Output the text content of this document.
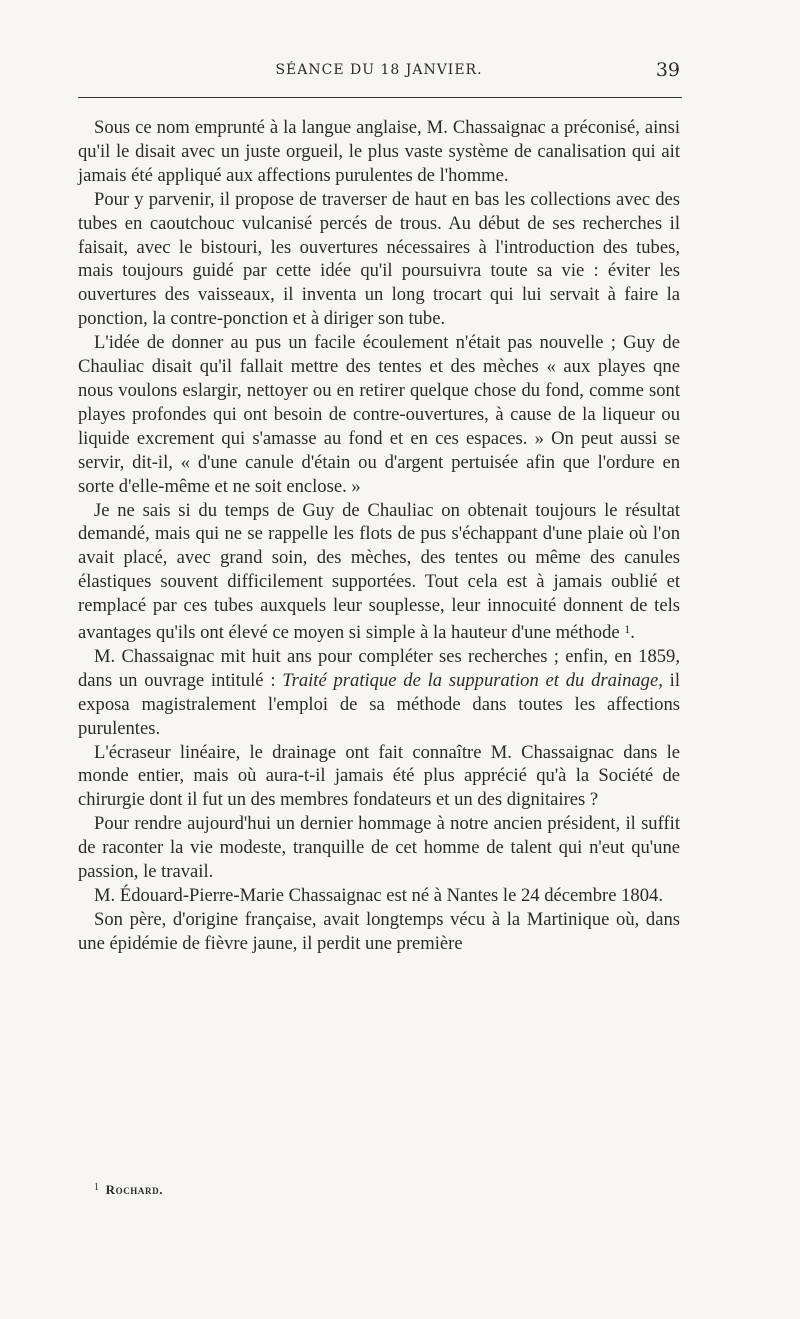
SÉANCE DU 18 JANVIER.	39

Sous ce nom emprunté à la langue anglaise, M. Chassaignac a préconisé, ainsi qu'il le disait avec un juste orgueil, le plus vaste système de canalisation qui ait jamais été appliqué aux affections purulentes de l'homme.

Pour y parvenir, il propose de traverser de haut en bas les collections avec des tubes en caoutchouc vulcanisé percés de trous. Au début de ses recherches il faisait, avec le bistouri, les ouvertures nécessaires à l'introduction des tubes, mais toujours guidé par cette idée qu'il poursuivra toute sa vie : éviter les ouvertures des vaisseaux, il inventa un long trocart qui lui servait à faire la ponction, la contre-ponction et à diriger son tube.

L'idée de donner au pus un facile écoulement n'était pas nouvelle ; Guy de Chauliac disait qu'il fallait mettre des tentes et des mèches « aux playes qne nous voulons eslargir, nettoyer ou en retirer quelque chose du fond, comme sont playes profondes qui ont besoin de contre-ouvertures, à cause de la liqueur ou liquide excrement qui s'amasse au fond et en ces espaces. » On peut aussi se servir, dit-il, « d'une canule d'étain ou d'argent pertuisée afin que l'ordure en sorte d'elle-même et ne soit enclose. »

Je ne sais si du temps de Guy de Chauliac on obtenait toujours le résultat demandé, mais qui ne se rappelle les flots de pus s'échappant d'une plaie où l'on avait placé, avec grand soin, des mèches, des tentes ou même des canules élastiques souvent difficilement supportées. Tout cela est à jamais oublié et remplacé par ces tubes auxquels leur souplesse, leur innocuité donnent de tels avantages qu'ils ont élevé ce moyen si simple à la hauteur d'une méthode $^1$.

M. Chassaignac mit huit ans pour compléter ses recherches ; enfin, en 1859, dans un ouvrage intitulé : Traité pratique de la suppuration et du drainage, il exposa magistralement l'emploi de sa méthode dans toutes les affections purulentes.

L'écraseur linéaire, le drainage ont fait connaître M. Chassaignac dans le monde entier, mais où aura-t-il jamais été plus apprécié qu'à la Société de chirurgie dont il fut un des membres fondateurs et un des dignitaires ?

Pour rendre aujourd'hui un dernier hommage à notre ancien président, il suffit de raconter la vie modeste, tranquille de cet homme de talent qui n'eut qu'une passion, le travail.

M. Édouard-Pierre-Marie Chassaignac est né à Nantes le 24 décembre 1804.

Son père, d'origine française, avait longtemps vécu à la Martinique où, dans une épidémie de fièvre jaune, il perdit une première

$^1$ Rochard.
